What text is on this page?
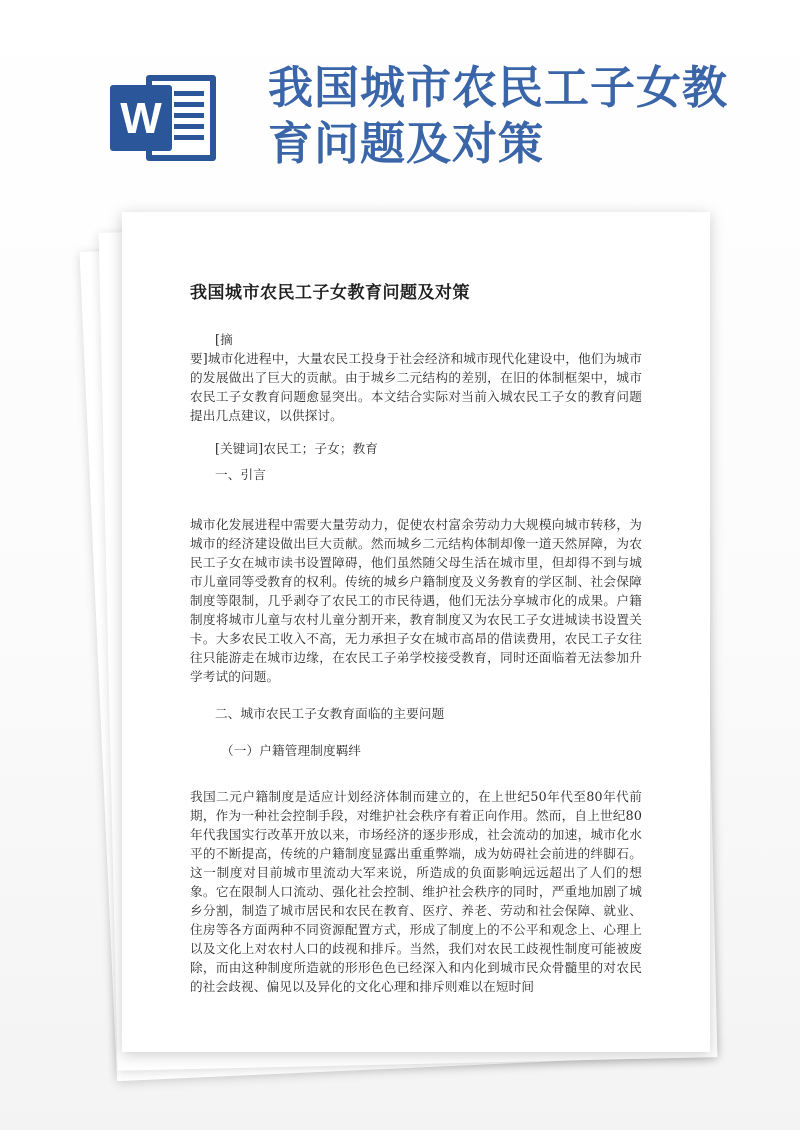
W
我国城市农民工子女教育问题及对策
我国城市农民工子女教育问题及对策

[摘

要]城市化进程中，大量农民工投身于社会经济和城市现代化建设中，他们为城市的发展做出了巨大的贡献。由于城乡二元结构的差别，在旧的体制框架中，城市农民工子女教育问题愈显突出。本文结合实际对当前入城农民工子女的教育问题提出几点建议，以供探讨。

[关键词]农民工；子女；教育

一、引言

城市化发展进程中需要大量劳动力，促使农村富余劳动力大规模向城市转移，为城市的经济建设做出巨大贡献。然而城乡二元结构体制却像一道天然屏障，为农民工子女在城市读书设置障碍，他们虽然随父母生活在城市里，但却得不到与城市儿童同等受教育的权利。传统的城乡户籍制度及义务教育的学区制、社会保障制度等限制，几乎剥夺了农民工的市民待遇，他们无法分享城市化的成果。户籍制度将城市儿童与农村儿童分割开来，教育制度又为农民工子女进城读书设置关卡。大多农民工收入不高，无力承担子女在城市高昂的借读费用，农民工子女往往只能游走在城市边缘，在农民工子弟学校接受教育，同时还面临着无法参加升学考试的问题。

二、城市农民工子女教育面临的主要问题

（一）户籍管理制度羁绊

我国二元户籍制度是适应计划经济体制而建立的，在上世纪50年代至80年代前期，作为一种社会控制手段，对维护社会秩序有着正向作用。然而，自上世纪80年代我国实行改革开放以来，市场经济的逐步形成，社会流动的加速，城市化水平的不断提高，传统的户籍制度显露出重重弊端，成为妨碍社会前进的绊脚石。这一制度对目前城市里流动大军来说，所造成的负面影响远远超出了人们的想象。它在限制人口流动、强化社会控制、维护社会秩序的同时，严重地加剧了城乡分割，制造了城市居民和农民在教育、医疗、养老、劳动和社会保障、就业、住房等各方面两种不同资源配置方式，形成了制度上的不公平和观念上、心理上以及文化上对农村人口的歧视和排斥。当然，我们对农民工歧视性制度可能被废除，而由这种制度所造就的形形色色已经深入和内化到城市民众骨髓里的对农民的社会歧视、偏见以及异化的文化心理和排斥则难以在短时间
